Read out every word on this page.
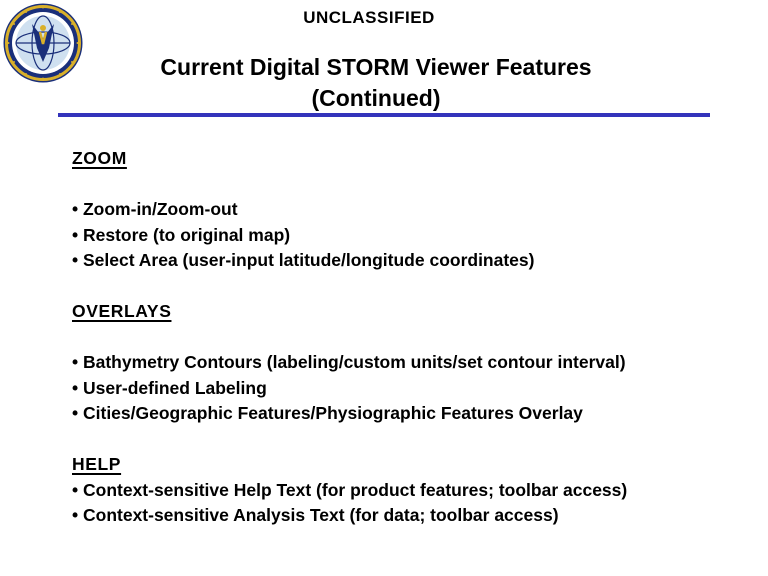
UNCLASSIFIED
Current Digital STORM Viewer Features
(Continued)
ZOOM
• Zoom-in/Zoom-out
• Restore (to original map)
• Select Area (user-input latitude/longitude coordinates)
OVERLAYS
• Bathymetry Contours (labeling/custom units/set contour interval)
• User-defined Labeling
• Cities/Geographic Features/Physiographic Features Overlay
HELP
• Context-sensitive Help Text (for product features; toolbar access)
• Context-sensitive Analysis Text (for data; toolbar access)
